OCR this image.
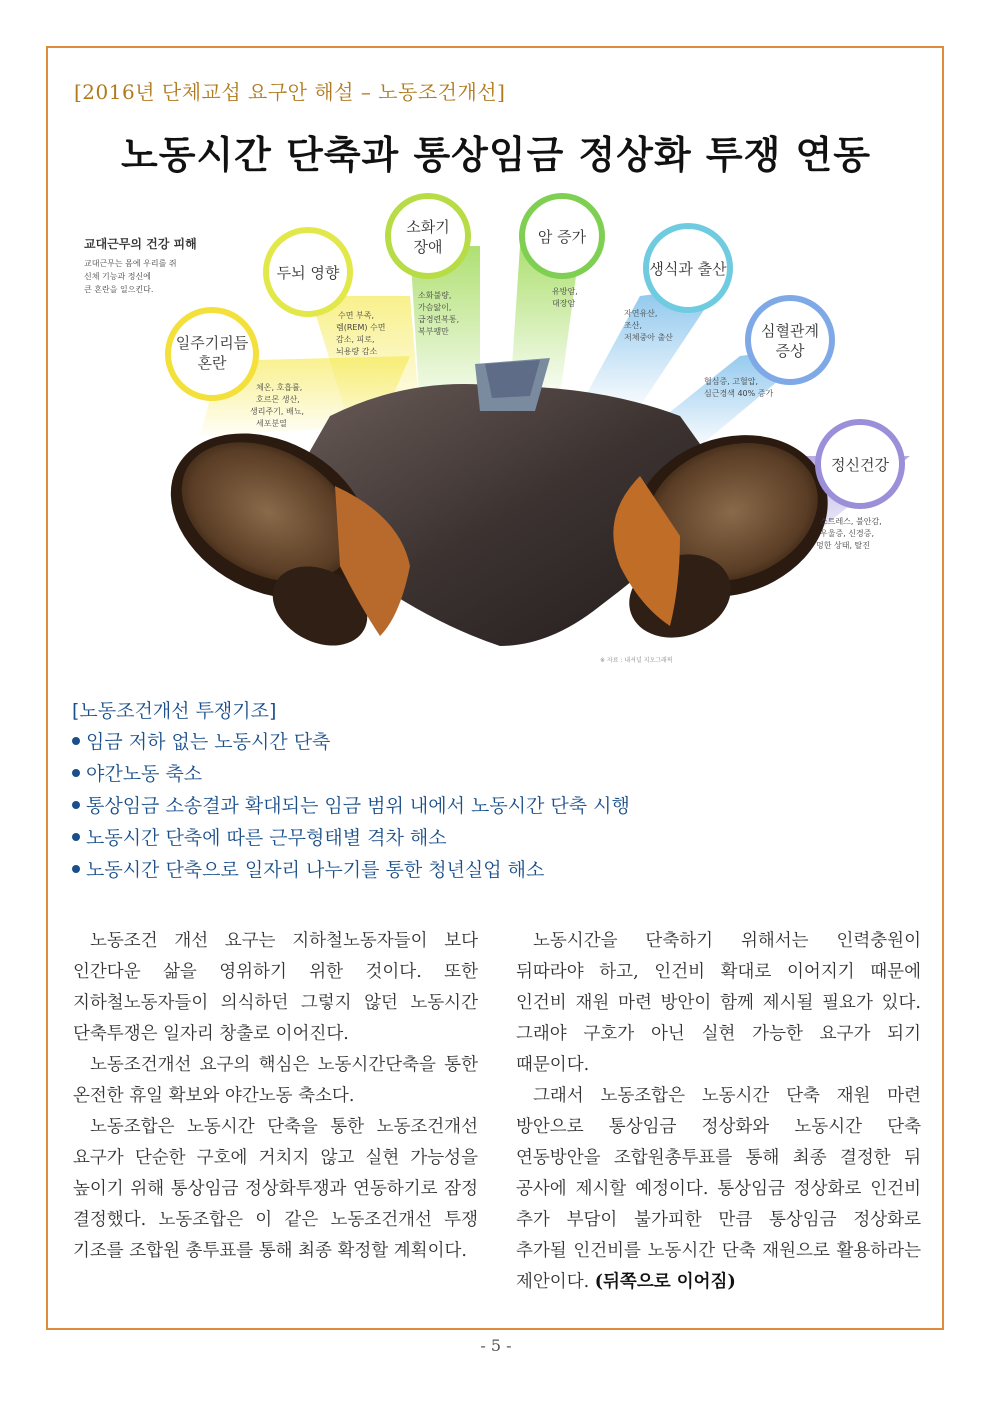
[2016년 단체교섭 요구안 해설 – 노동조건개선]
노동시간 단축과 통상임금 정상화 투쟁 연동
교대근무의 건강 피해
교대근무는 몸에 우리를 쥐
신체 기능과 정신에
큰 혼란을 일으킨다.
일주기리듬
혼란
체온, 호흡률,
호르몬 생산,
생리주기, 배뇨,
세포분열
두뇌 영향
수면 부족,
렘(REM) 수면
감소, 피로,
뇌용량 감소
소화기
장애
소화불량,
가슴앓이,
급경련복통,
복부팽만
암 증가
유방암,
대장암
생식과 출산
자연유산,
조산,
저체중아 출산	심혈관계
증상
협심증, 고혈압,
심근경색 40% 증가
정신건강
스트레스, 불안감,
우울증, 신경증,
멍한 상태, 탈진
※ 자료 : 내셔널 지오그래픽
[노동조건개선 투쟁기조]
임금 저하 없는 노동시간 단축
야간노동 축소
통상임금 소송결과 확대되는 임금 범위 내에서 노동시간 단축 시행
노동시간 단축에 따른 근무형태별 격차 해소
노동시간 단축으로 일자리 나누기를 통한 청년실업 해소

노동조건 개선 요구는 지하철노동자들이 보다 인간다운 삶을 영위하기 위한 것이다. 또한 지하철노동자들이 의식하던 그렇지 않던 노동시간 단축투쟁은 일자리 창출로 이어진다.

노동조건개선 요구의 핵심은 노동시간단축을 통한 온전한 휴일 확보와 야간노동 축소다.

노동조합은 노동시간 단축을 통한 노동조건개선 요구가 단순한 구호에 거치지 않고 실현 가능성을 높이기 위해 통상임금 정상화투쟁과 연동하기로 잠정 결정했다. 노동조합은 이 같은 노동조건개선 투쟁 기조를 조합원 총투표를 통해 최종 확정할 계획이다.

노동시간을 단축하기 위해서는 인력충원이 뒤따라야 하고, 인건비 확대로 이어지기 때문에 인건비 재원 마련 방안이 함께 제시될 필요가 있다. 그래야 구호가 아닌 실현 가능한 요구가 되기 때문이다.

그래서 노동조합은 노동시간 단축 재원 마련 방안으로 통상임금 정상화와 노동시간 단축 연동방안을 조합원총투표를 통해 최종 결정한 뒤 공사에 제시할 예정이다. 통상임금 정상화로 인건비 추가 부담이 불가피한 만큼 통상임금 정상화로 추가될 인건비를 노동시간 단축 재원으로 활용하라는 제안이다. (뒤쪽으로 이어짐)

- 5 -
